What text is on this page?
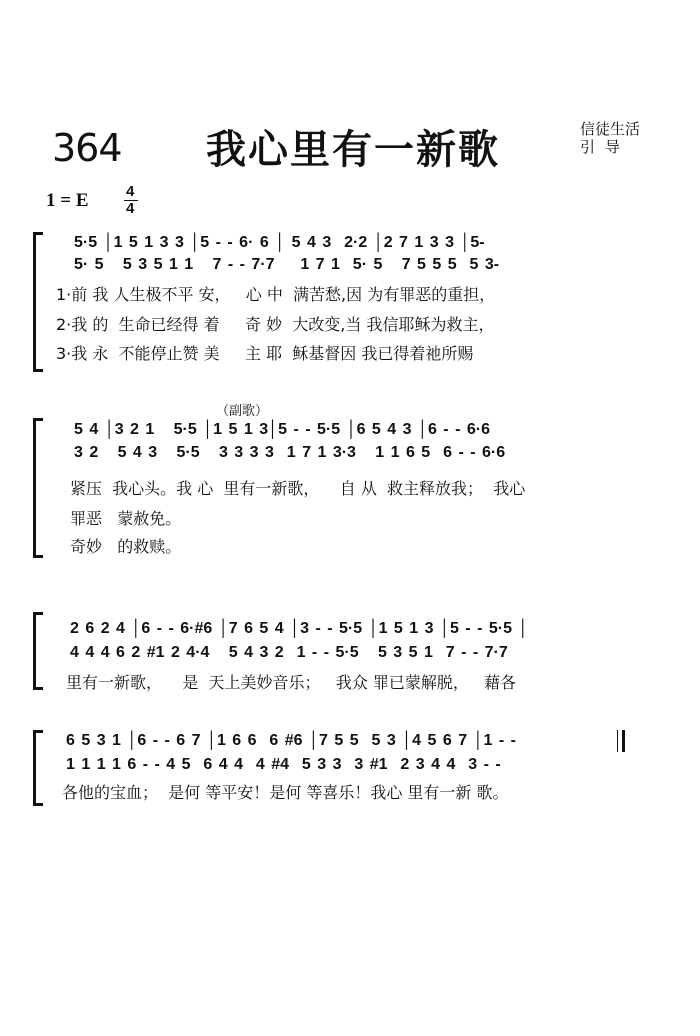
364 我心里有一新歌	信徒生活
引导
1 = E	4
4
5·5 │1 5 1 3 3 │5 - - 6· 6 │ 5 4 3  2·2 │2 7 1 3 3 │5-
5· 5   5 3 5 1 1   7 - - 7·7    1 7 1  5· 5   7 5 5 5  5 3-
1·前 我 人生极不平 安，   心 中  满苦愁,因 为有罪恶的重担，
2·我 的  生命已经得 着     奇 妙  大改变,当 我信耶稣为救主，
3·我 永  不能停止赞 美     主 耶  稣基督因 我已得着祂所赐
（副歌）
5 4 │3 2 1   5·5 │1 5 1 3│5 - - 5·5 │6 5 4 3 │6 - - 6·6
3 2   5 4 3   5·5   3 3 3 3  1 7 1 3·3   1 1 6 5  6 - - 6·6
紧压  我心头。我 心  里有一新歌，    自 从  救主释放我；  我心
罪恶   蒙赦免。
奇妙   的救赎。
2 6 2 4 │6 - - 6·#6 │7 6 5 4 │3 - - 5·5 │1 5 1 3 │5 - - 5·5 │
4 4 4 6 2 #1 2 4·4   5 4 3 2  1 - - 5·5   5 3 5 1  7 - - 7·7
里有一新歌，    是  天上美妙音乐；   我众 罪已蒙解脱，   藉各
6 5 3 1 │6 - - 6 7 │1 6 6  6 #6 │7 5 5  5 3 │4 5 6 7 │1 - -
1 1 1 1 6 - - 4 5  6 4 4  4 #4  5 3 3  3 #1  2 3 4 4  3 - -
各他的宝血；  是何 等平安！是何 等喜乐！我心 里有一新 歌。
